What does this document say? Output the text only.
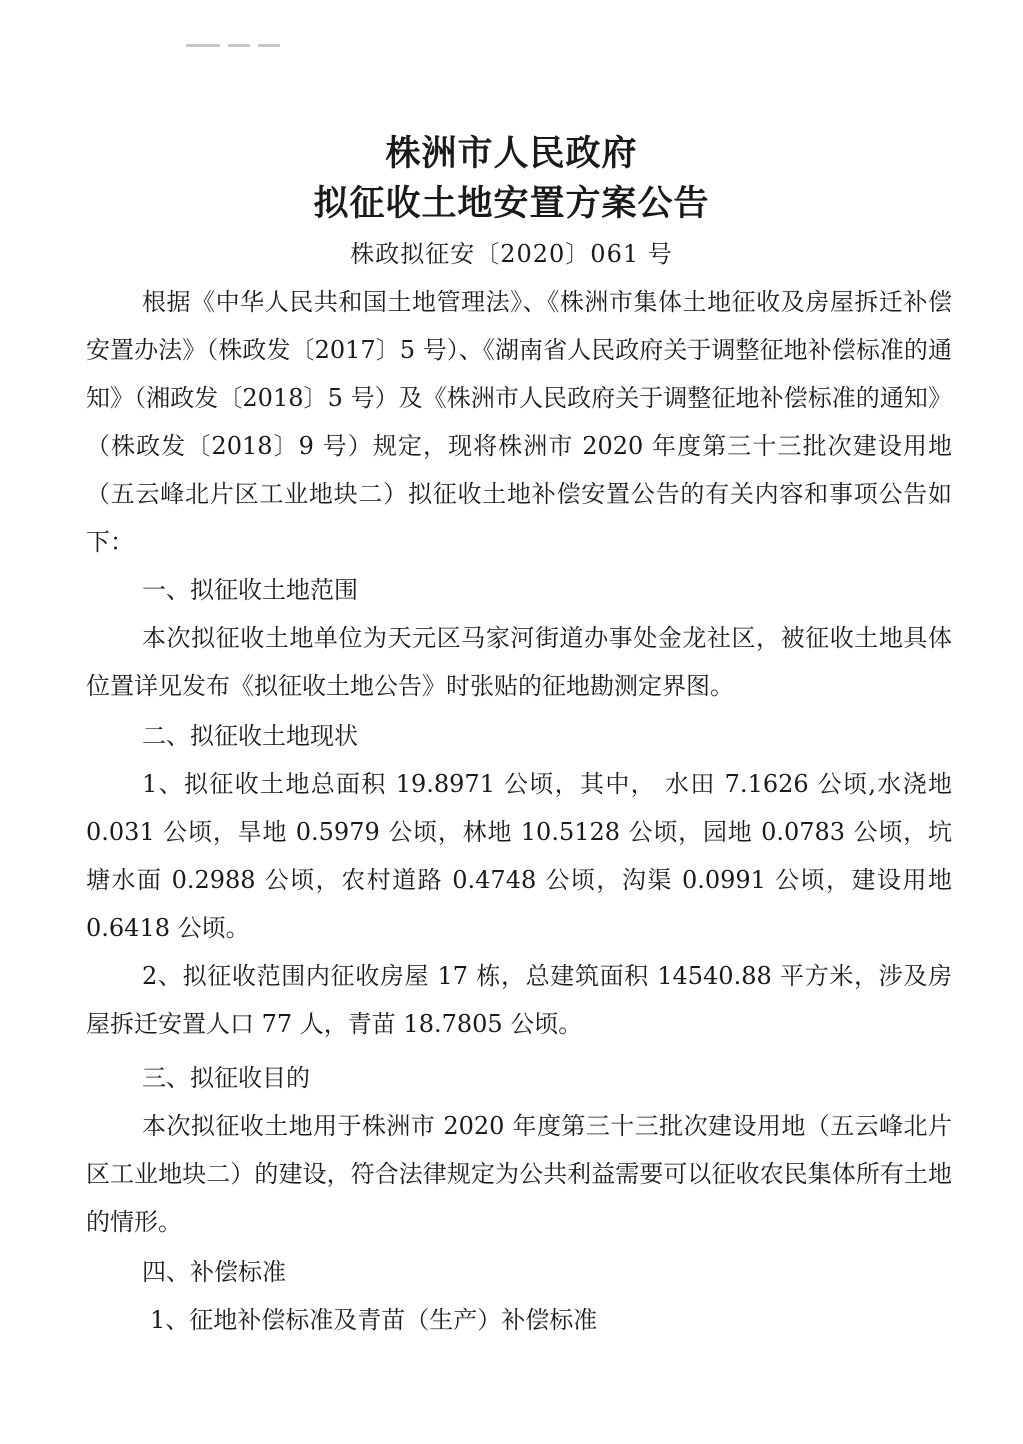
株洲市人民政府
拟征收土地安置方案公告
株政拟征安〔2020〕061 号
根据《中华人民共和国土地管理法》、《株洲市集体土地征收及房屋拆迁补偿安置办法》（株政发〔2017〕5 号）、《湖南省人民政府关于调整征地补偿标准的通知》（湘政发〔2018〕5 号）及《株洲市人民政府关于调整征地补偿标准的通知》（株政发〔2018〕9 号）规定，现将株洲市 2020 年度第三十三批次建设用地（五云峰北片区工业地块二）拟征收土地补偿安置公告的有关内容和事项公告如下：
一、拟征收土地范围
本次拟征收土地单位为天元区马家河街道办事处金龙社区，被征收土地具体位置详见发布《拟征收土地公告》时张贴的征地勘测定界图。
二、拟征收土地现状
1、拟征收土地总面积 19.8971 公顷，其中， 水田 7.1626 公顷,水浇地 0.031 公顷，旱地 0.5979 公顷，林地 10.5128 公顷，园地 0.0783 公顷，坑塘水面 0.2988 公顷，农村道路 0.4748 公顷，沟渠 0.0991 公顷，建设用地 0.6418 公顷。
2、拟征收范围内征收房屋 17 栋，总建筑面积 14540.88 平方米，涉及房屋拆迁安置人口 77 人，青苗 18.7805 公顷。
三、拟征收目的
本次拟征收土地用于株洲市 2020 年度第三十三批次建设用地（五云峰北片区工业地块二）的建设，符合法律规定为公共利益需要可以征收农民集体所有土地的情形。
四、补偿标准
1、征地补偿标准及青苗（生产）补偿标准
